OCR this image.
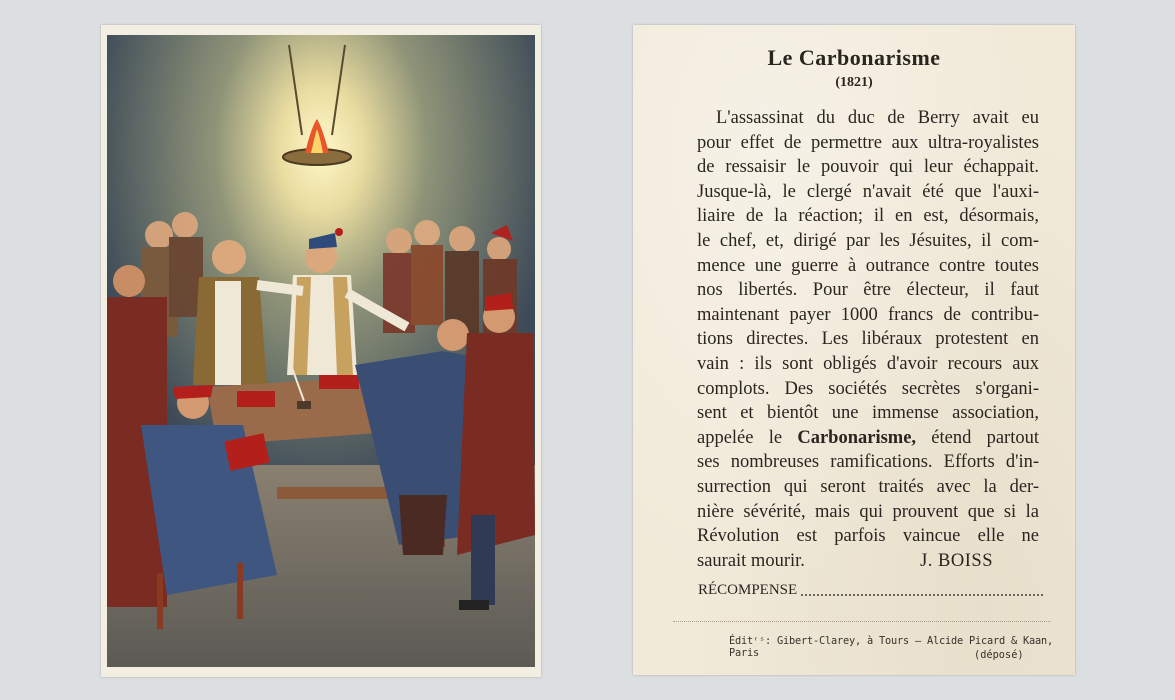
Le Carbonarisme
(1821)
L'assassinat du duc de Berry avait eu
pour effet de permettre aux ultra-royalistes
de ressaisir le pouvoir qui leur échappait.
Jusque-là, le clergé n'avait été que l'auxi-
liaire de la réaction; il en est, désormais,
le chef, et, dirigé par les Jésuites, il com-
mence une guerre à outrance contre toutes
nos libertés. Pour être électeur, il faut
maintenant payer 1000 francs de contribu-
tions directes. Les libéraux protestent en
vain : ils sont obligés d'avoir recours aux
complots. Des sociétés secrètes s'organi-
sent et bientôt une immense association,
appelée le Carbonarisme, étend partout
ses nombreuses ramifications. Efforts d'in-
surrection qui seront traités avec la der-
nière sévérité, mais qui prouvent que si la
Révolution est parfois vaincue elle ne
saurait mourir.	J. BOISS
RÉCOMPENSE
Éditʳˢ: Gibert-Clarey, à Tours — Alcide Picard & Kaan, Paris	(déposé)
